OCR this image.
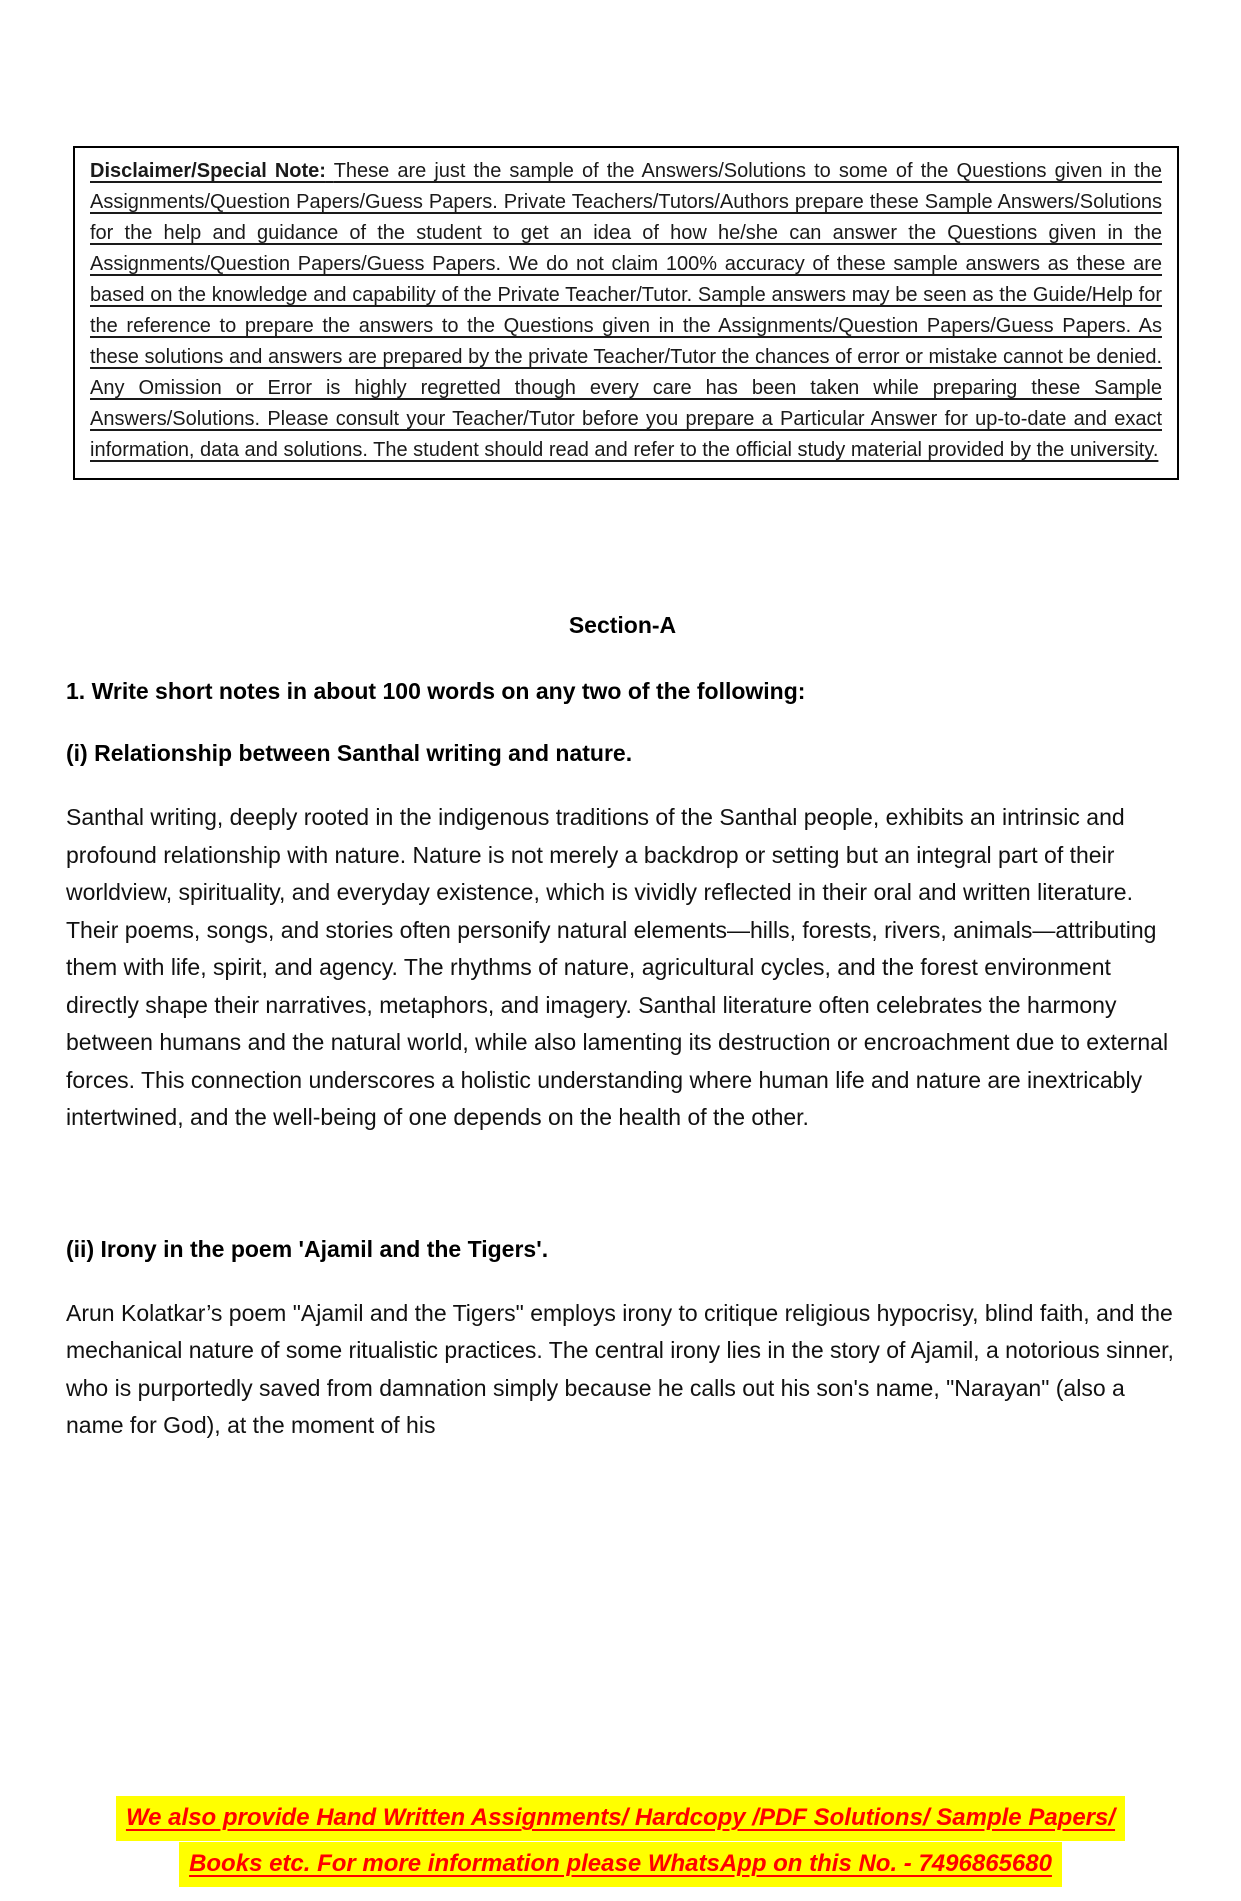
Disclaimer/Special Note: These are just the sample of the Answers/Solutions to some of the Questions given in the Assignments/Question Papers/Guess Papers. Private Teachers/Tutors/Authors prepare these Sample Answers/Solutions for the help and guidance of the student to get an idea of how he/she can answer the Questions given in the Assignments/Question Papers/Guess Papers. We do not claim 100% accuracy of these sample answers as these are based on the knowledge and capability of the Private Teacher/Tutor. Sample answers may be seen as the Guide/Help for the reference to prepare the answers to the Questions given in the Assignments/Question Papers/Guess Papers. As these solutions and answers are prepared by the private Teacher/Tutor the chances of error or mistake cannot be denied. Any Omission or Error is highly regretted though every care has been taken while preparing these Sample Answers/Solutions. Please consult your Teacher/Tutor before you prepare a Particular Answer for up-to-date and exact information, data and solutions. The student should read and refer to the official study material provided by the university.

Section-A
1. Write short notes in about 100 words on any two of the following:
(i) Relationship between Santhal writing and nature.

Santhal writing, deeply rooted in the indigenous traditions of the Santhal people, exhibits an intrinsic and profound relationship with nature. Nature is not merely a backdrop or setting but an integral part of their worldview, spirituality, and everyday existence, which is vividly reflected in their oral and written literature. Their poems, songs, and stories often personify natural elements—hills, forests, rivers, animals—attributing them with life, spirit, and agency. The rhythms of nature, agricultural cycles, and the forest environment directly shape their narratives, metaphors, and imagery. Santhal literature often celebrates the harmony between humans and the natural world, while also lamenting its destruction or encroachment due to external forces. This connection underscores a holistic understanding where human life and nature are inextricably intertwined, and the well-being of one depends on the health of the other.

(ii) Irony in the poem 'Ajamil and the Tigers'.

Arun Kolatkar’s poem "Ajamil and the Tigers" employs irony to critique religious hypocrisy, blind faith, and the mechanical nature of some ritualistic practices. The central irony lies in the story of Ajamil, a notorious sinner, who is purportedly saved from damnation simply because he calls out his son's name, "Narayan" (also a name for God), at the moment of his

We also provide Hand Written Assignments/ Hardcopy /PDF Solutions/ Sample Papers/
Books etc. For more information please WhatsApp on this No. - 7496865680
